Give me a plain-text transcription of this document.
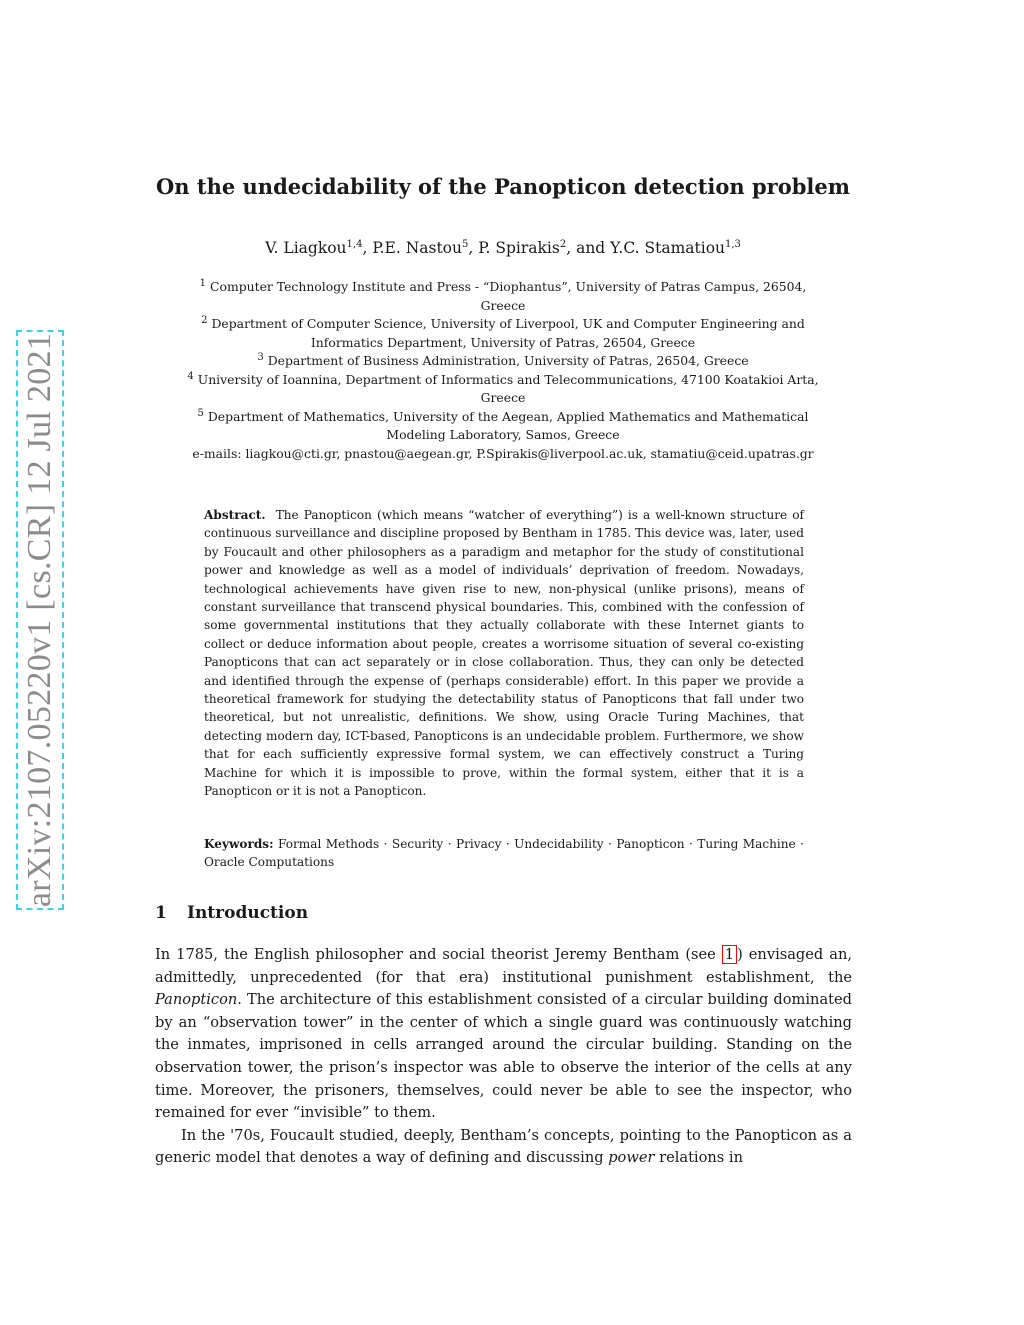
arXiv:2107.05220v1 [cs.CR] 12 Jul 2021
On the undecidability of the Panopticon detection problem

V. Liagkou$^{1,4}$, P.E. Nastou$^5$, P. Spirakis$^2$, and Y.C. Stamatiou$^{1,3}$

$^1$ Computer Technology Institute and Press - “Diophantus”, University of Patras Campus, 26504,
Greece
$^2$ Department of Computer Science, University of Liverpool, UK and Computer Engineering and
Informatics Department, University of Patras, 26504, Greece
$^3$ Department of Business Administration, University of Patras, 26504, Greece
$^4$ University of Ioannina, Department of Informatics and Telecommunications, 47100 Koatakioi Arta,
Greece
$^5$ Department of Mathematics, University of the Aegean, Applied Mathematics and Mathematical
Modeling Laboratory, Samos, Greece
e-mails: liagkou@cti.gr, pnastou@aegean.gr, P.Spirakis@liverpool.ac.uk, stamatiu@ceid.upatras.gr

Abstract. The Panopticon (which means “watcher of everything”) is a well-known structure of continuous surveillance and discipline proposed by Bentham in 1785. This device was, later, used by Foucault and other philosophers as a paradigm and metaphor for the study of constitutional power and knowledge as well as a model of individuals’ deprivation of freedom. Nowadays, technological achievements have given rise to new, non-physical (unlike prisons), means of constant surveillance that transcend physical boundaries. This, combined with the confession of some governmental institutions that they actually collaborate with these Internet giants to collect or deduce information about people, creates a worrisome situation of several co-existing Panopticons that can act separately or in close collaboration. Thus, they can only be detected and identified through the expense of (perhaps considerable) effort. In this paper we provide a theoretical framework for studying the detectability status of Panopticons that fall under two theoretical, but not unrealistic, definitions. We show, using Oracle Turing Machines, that detecting modern day, ICT-based, Panopticons is an undecidable problem. Furthermore, we show that for each sufficiently expressive formal system, we can effectively construct a Turing Machine for which it is impossible to prove, within the formal system, either that it is a Panopticon or it is not a Panopticon.

Keywords: Formal Methods · Security · Privacy · Undecidability · Panopticon · Turing Machine · Oracle Computations

1 Introduction

In 1785, the English philosopher and social theorist Jeremy Bentham (see 1 ) envisaged an, admittedly, unprecedented (for that era) institutional punishment establishment, the Panopticon. The architecture of this establishment consisted of a circular building dominated by an “observation tower” in the center of which a single guard was continuously watching the inmates, imprisoned in cells arranged around the circular building. Standing on the observation tower, the prison’s inspector was able to observe the interior of the cells at any time. Moreover, the prisoners, themselves, could never be able to see the inspector, who remained for ever “invisible” to them.

In the '70s, Foucault studied, deeply, Bentham’s concepts, pointing to the Panopticon as a generic model that denotes a way of defining and discussing power relations in
